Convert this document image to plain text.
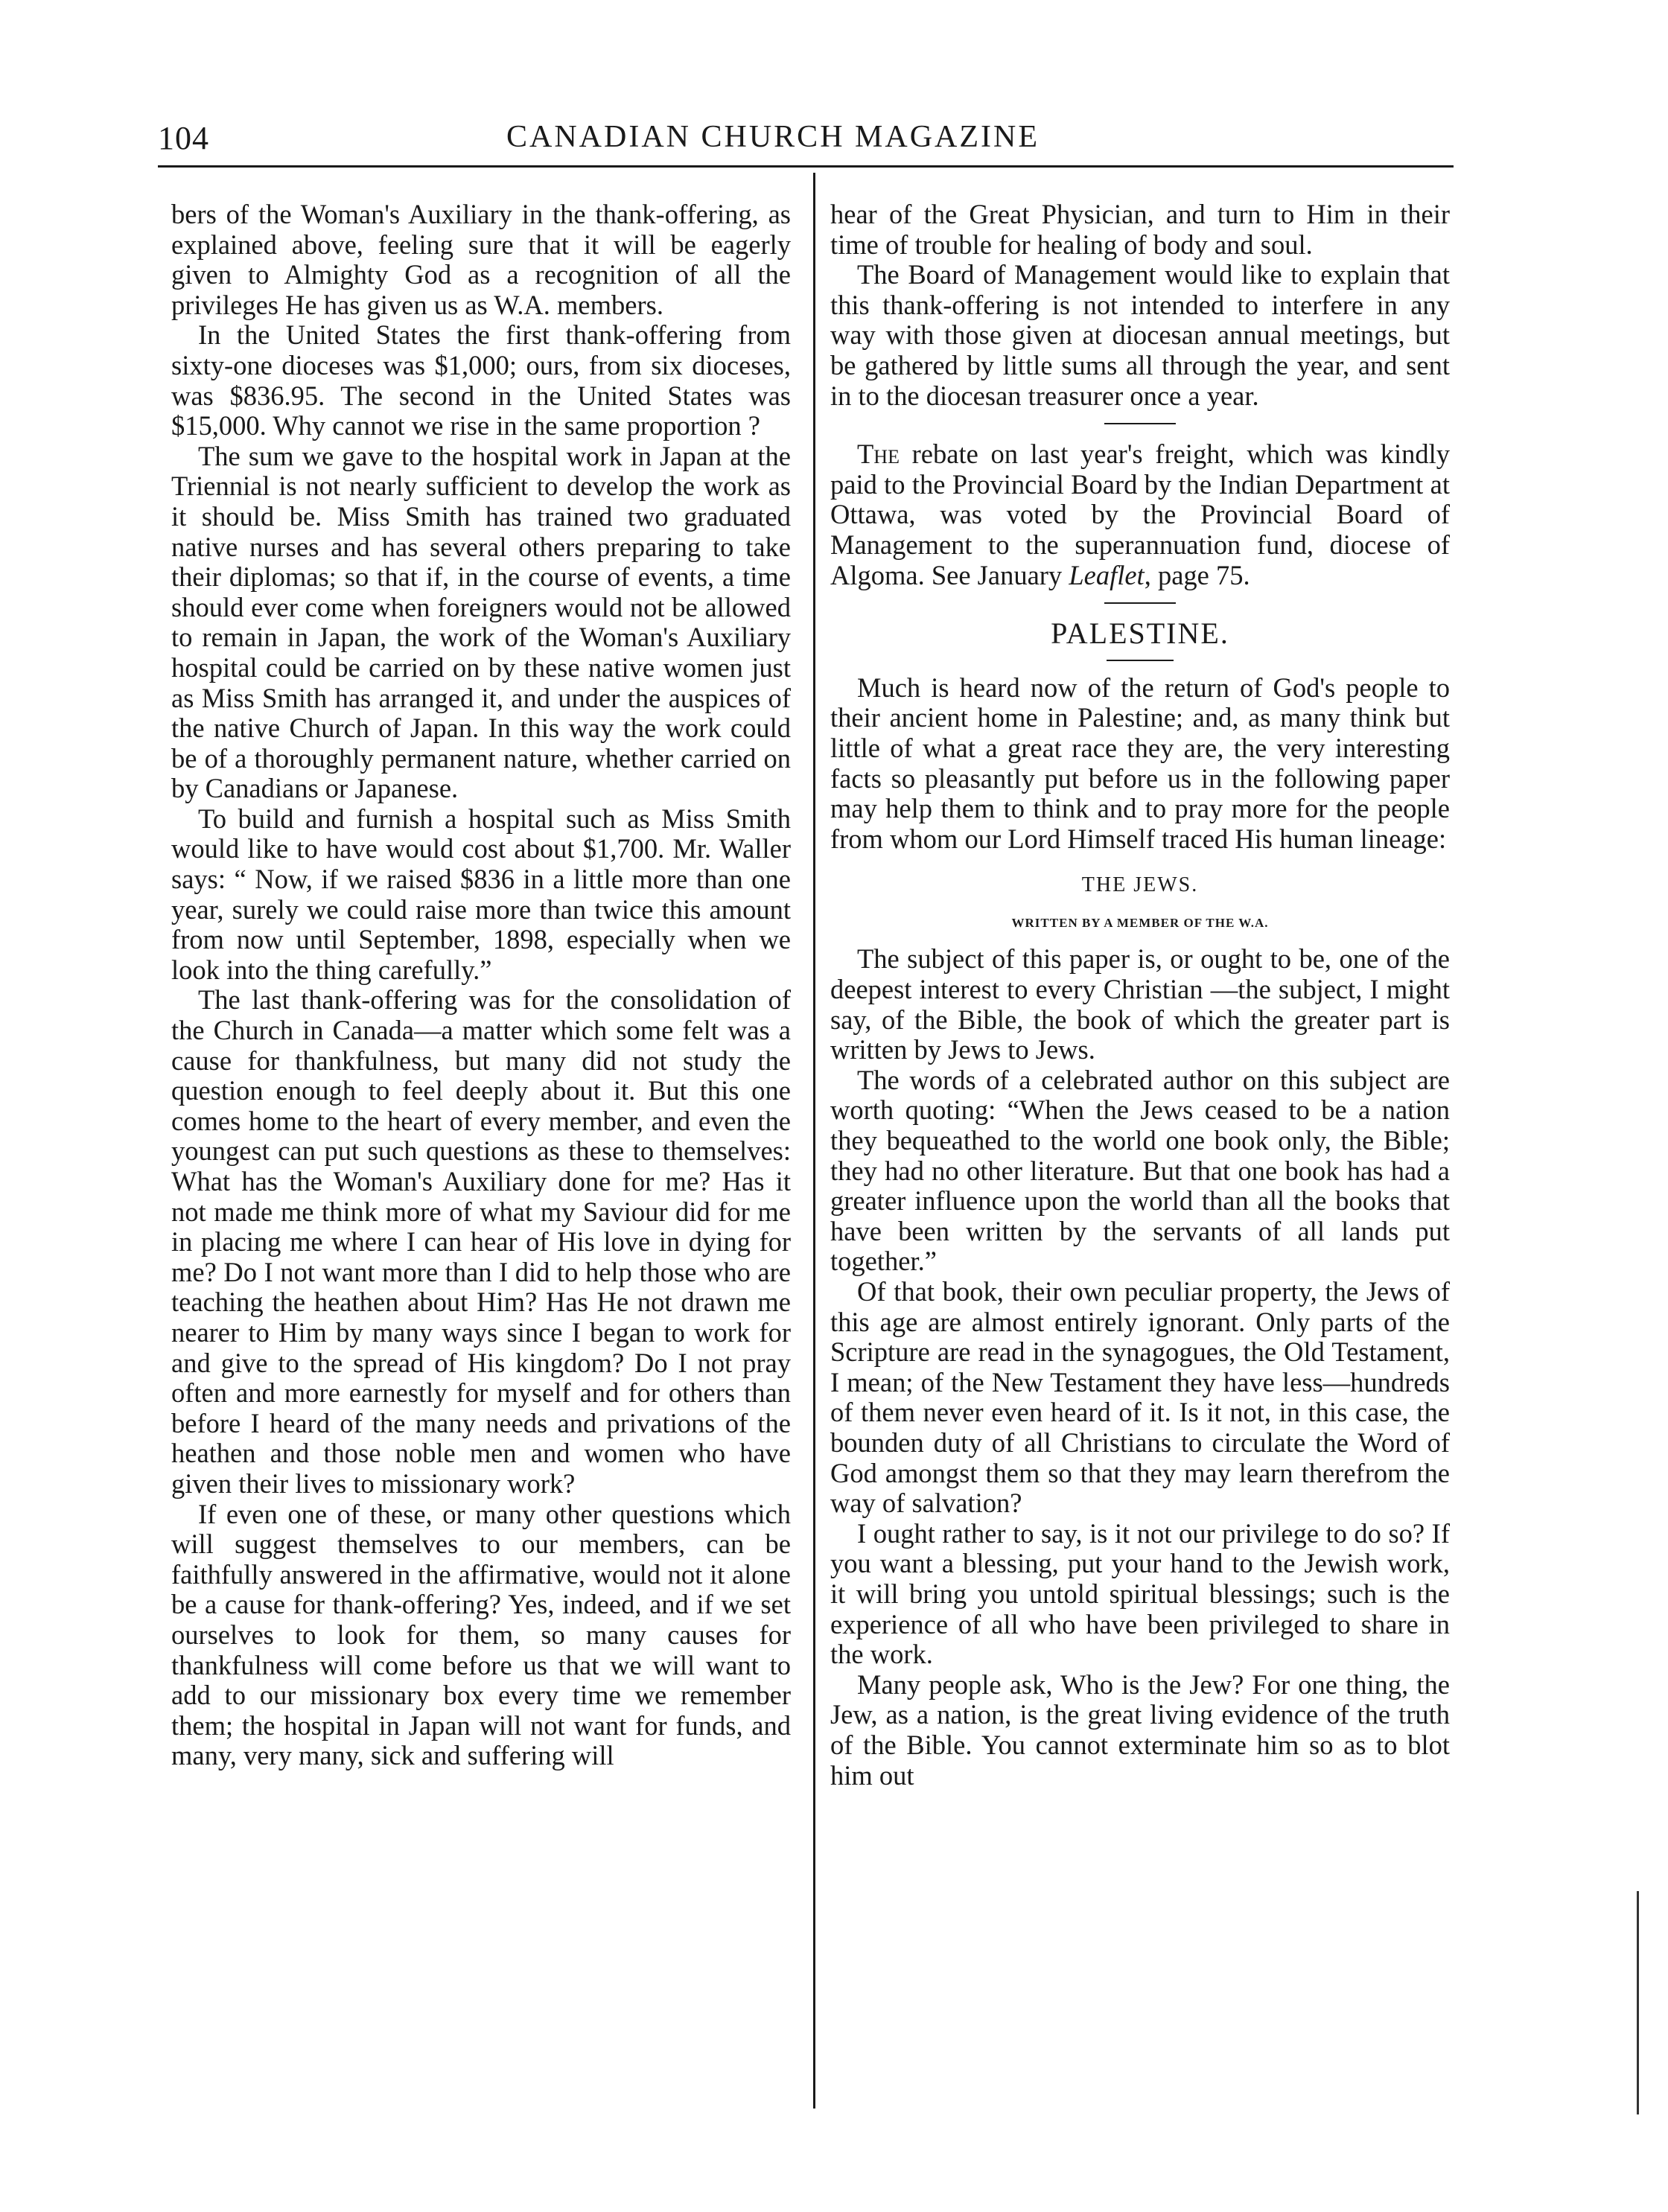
104	CANADIAN CHURCH MAGAZINE

bers of the Woman's Auxiliary in the thank-offering, as explained above, feeling sure that it will be eagerly given to Almighty God as a recognition of all the privileges He has given us as W.A. members.

In the United States the first thank-offering from sixty-one dioceses was $1,000; ours, from six dioceses, was $836.95. The second in the United States was $15,000. Why cannot we rise in the same proportion ?

The sum we gave to the hospital work in Japan at the Triennial is not nearly sufficient to develop the work as it should be. Miss Smith has trained two graduated native nurses and has several others preparing to take their diplomas; so that if, in the course of events, a time should ever come when foreigners would not be allowed to remain in Japan, the work of the Woman's Auxiliary hospital could be carried on by these native women just as Miss Smith has arranged it, and under the auspices of the native Church of Japan. In this way the work could be of a thoroughly permanent nature, whether carried on by Canadians or Japanese.

To build and furnish a hospital such as Miss Smith would like to have would cost about $1,700. Mr. Waller says: “ Now, if we raised $836 in a little more than one year, surely we could raise more than twice this amount from now until September, 1898, especially when we look into the thing carefully.”

The last thank-offering was for the consolidation of the Church in Canada—a matter which some felt was a cause for thankfulness, but many did not study the question enough to feel deeply about it. But this one comes home to the heart of every member, and even the youngest can put such questions as these to themselves: What has the Woman's Auxiliary done for me? Has it not made me think more of what my Saviour did for me in placing me where I can hear of His love in dying for me? Do I not want more than I did to help those who are teaching the heathen about Him? Has He not drawn me nearer to Him by many ways since I began to work for and give to the spread of His kingdom? Do I not pray often and more earnestly for myself and for others than before I heard of the many needs and privations of the heathen and those noble men and women who have given their lives to missionary work?

If even one of these, or many other questions which will suggest themselves to our members, can be faithfully answered in the affirmative, would not it alone be a cause for thank-offering? Yes, indeed, and if we set ourselves to look for them, so many causes for thankfulness will come before us that we will want to add to our missionary box every time we remember them; the hospital in Japan will not want for funds, and many, very many, sick and suffering will

hear of the Great Physician, and turn to Him in their time of trouble for healing of body and soul.

The Board of Management would like to explain that this thank-offering is not intended to interfere in any way with those given at diocesan annual meetings, but be gathered by little sums all through the year, and sent in to the diocesan treasurer once a year.

The rebate on last year's freight, which was kindly paid to the Provincial Board by the Indian Department at Ottawa, was voted by the Provincial Board of Management to the superannuation fund, diocese of Algoma. See January Leaflet, page 75.

PALESTINE.

Much is heard now of the return of God's people to their ancient home in Palestine; and, as many think but little of what a great race they are, the very interesting facts so pleasantly put before us in the following paper may help them to think and to pray more for the people from whom our Lord Himself traced His human lineage:

THE JEWS.
WRITTEN BY A MEMBER OF THE W.A.

The subject of this paper is, or ought to be, one of the deepest interest to every Christian —the subject, I might say, of the Bible, the book of which the greater part is written by Jews to Jews.

The words of a celebrated author on this subject are worth quoting: “When the Jews ceased to be a nation they bequeathed to the world one book only, the Bible; they had no other literature. But that one book has had a greater influence upon the world than all the books that have been written by the servants of all lands put together.”

Of that book, their own peculiar property, the Jews of this age are almost entirely ignorant. Only parts of the Scripture are read in the synagogues, the Old Testament, I mean; of the New Testament they have less—hundreds of them never even heard of it. Is it not, in this case, the bounden duty of all Christians to circulate the Word of God amongst them so that they may learn therefrom the way of salvation?

I ought rather to say, is it not our privilege to do so? If you want a blessing, put your hand to the Jewish work, it will bring you untold spiritual blessings; such is the experience of all who have been privileged to share in the work.

Many people ask, Who is the Jew? For one thing, the Jew, as a nation, is the great living evidence of the truth of the Bible. You cannot exterminate him so as to blot him out
